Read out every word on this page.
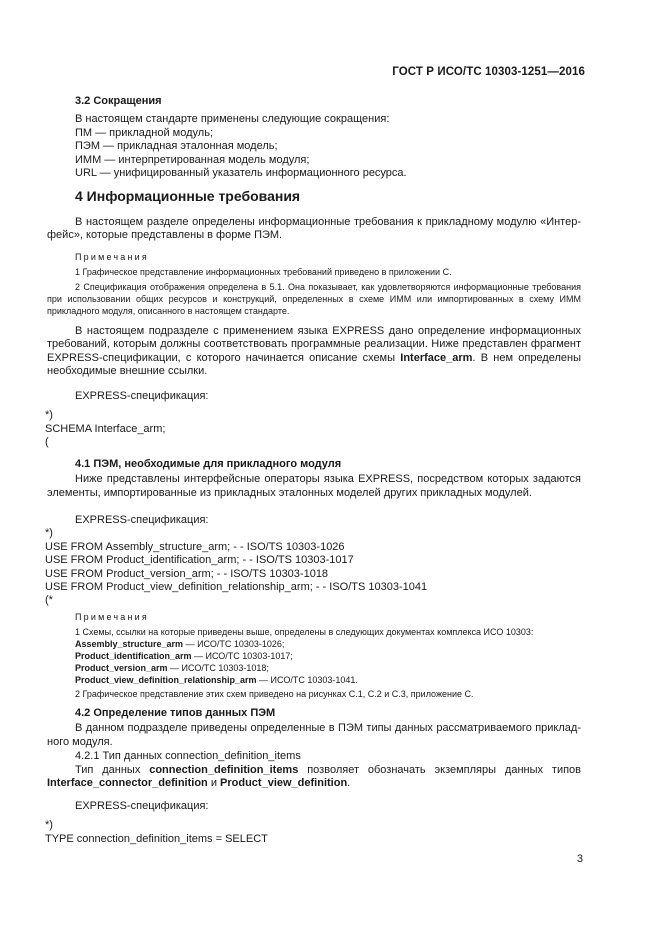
ГОСТ Р ИСО/ТС 10303-1251—2016
3.2 Сокращения
В настоящем стандарте применены следующие сокращения:
ПМ — прикладной модуль;
ПЭМ — прикладная эталонная модель;
ИММ — интерпретированная модель модуля;
URL — унифицированный указатель информационного ресурса.
4 Информационные требования
В настоящем разделе определены информационные требования к прикладному модулю «Интер-фейс», которые представлены в форме ПЭМ.
Примечания
1 Графическое представление информационных требований приведено в приложении С.
2 Спецификация отображения определена в 5.1. Она показывает, как удовлетворяются информационные требования при использовании общих ресурсов и конструкций, определенных в схеме ИММ или импортированных в схему ИММ прикладного модуля, описанного в настоящем стандарте.
В настоящем подразделе с применением языка EXPRESS дано определение информационных требований, которым должны соответствовать программные реализации. Ниже представлен фрагмент EXPRESS-спецификации, с которого начинается описание схемы Interface_arm. В нем определены необходимые внешние ссылки.
EXPRESS-спецификация:
*)
SCHEMA Interface_arm;
(
4.1 ПЭМ, необходимые для прикладного модуля
Ниже представлены интерфейсные операторы языка EXPRESS, посредством которых задаются элементы, импортированные из прикладных эталонных моделей других прикладных модулей.
EXPRESS-спецификация:
*)
USE FROM Assembly_structure_arm; - - ISO/TS 10303-1026
USE FROM Product_identification_arm; - - ISO/TS 10303-1017
USE FROM Product_version_arm; - - ISO/TS 10303-1018
USE FROM Product_view_definition_relationship_arm; - - ISO/TS 10303-1041
(*
Примечания
1 Схемы, ссылки на которые приведены выше, определены в следующих документах комплекса ИСО 10303:
Assembly_structure_arm — ИСО/ТС 10303-1026;
Product_identification_arm — ИСО/ТС 10303-1017;
Product_version_arm — ИСО/ТС 10303-1018;
Product_view_definition_relationship_arm — ИСО/ТС 10303-1041.
2 Графическое представление этих схем приведено на рисунках С.1, С.2 и С.3, приложение С.
4.2 Определение типов данных ПЭМ
В данном подразделе приведены определенные в ПЭМ типы данных рассматриваемого приклад-ного модуля.
4.2.1 Тип данных connection_definition_items
Тип данных connection_definition_items позволяет обозначать экземпляры данных типов Interface_connector_definition и Product_view_definition.
EXPRESS-спецификация:
*)
TYPE connection_definition_items = SELECT
3
